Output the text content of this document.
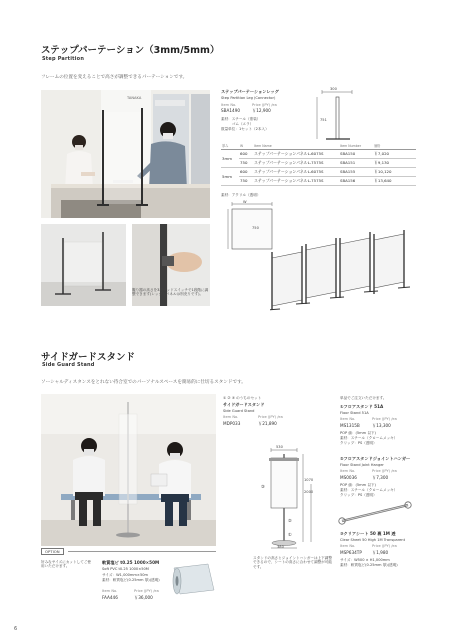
ステップパーテーション（3mm/5mm）
Step Partition
フレームの位置を変えることで高さが調整できるパーテーションです。
TANAKA
ステップパーテーションレッグ
Step Partition Leg (Connector)
Item No.	Price (JPY) /ea
SBA1490	￥12,900
素材：スチール（塗装）
　　　ゴム（エラ）
数量単位：1セット（2本入）
300
751
厚み	W	Item Name	Item Number	価格
3mm	600	ステップパーテーションパネルL-6075S	SBA150	￥7,020
	750	ステップパーテーションパネルL-7575S	SBA151	￥9,130
5mm	600	ステップパーテーションパネルL-6075S	SBA155	￥10,120
	750	ステップパーテーションパネルL-7575S	SBA156	￥13,640
素材：アクリル（透明）
W
750
擬り器の高さを3段ロッドスイッチで1段階に調整できます(レッグとパネルは別売りです)。
サイドガードスタンド
Side Guard Stand
ソーシャルディスタンスをとれない待合室でのパーソナルスペースを簡易的に仕切るスタンドです。
① ② ③ のうちのセット
サイドガードスタンド
Side Guard Stand
Item No.	Price (JPY) /ea
MDP033	￥21,890
530
1070
2000
380
③
②
①
スタンドの高さとジョイントハンガーは上下調整できるので、シートの高さに合わせて調整が可能です。
単品でご注文いただけます。
①フロアスタンド 51A
Floor Stand 51A
Item No.	Price (JPY) /ea
MS1315B	￥13,300
POP 値：(5mm 以下)
素材：スチール（クロームメッキ）
クリップ：PS（透明）
②フロアスタンドジョイントハンガー
Floor Stand Joint Hanger
Item No.	Price (JPY) /ea
MS0036	￥7,300
POP 値：(5mm 以下)
素材：スチール（クロームメッキ）
クリップ：PS（透明）
③クリアシート 50 裏 1M 透
Clear Sheet 50 High 1M Transparent
Item No.	Price (JPY) /ea
MSP634TP ￥1,980
サイズ：W500 × H1,000mm
素材：軟質塩ビ(0.25mm 厚)(透明)
OPTION
好みなサイズにカットしてご使用いただけます。
軟質塩ビ t0.25 1000×50M
Soft PVC t0.25 1000×50M
サイズ：W1,000mm×50m
素材：軟質塩ビ(0.25mm 厚)(透明)
Item No.	Price (JPY) /ea
FAA446	￥36,000
6
